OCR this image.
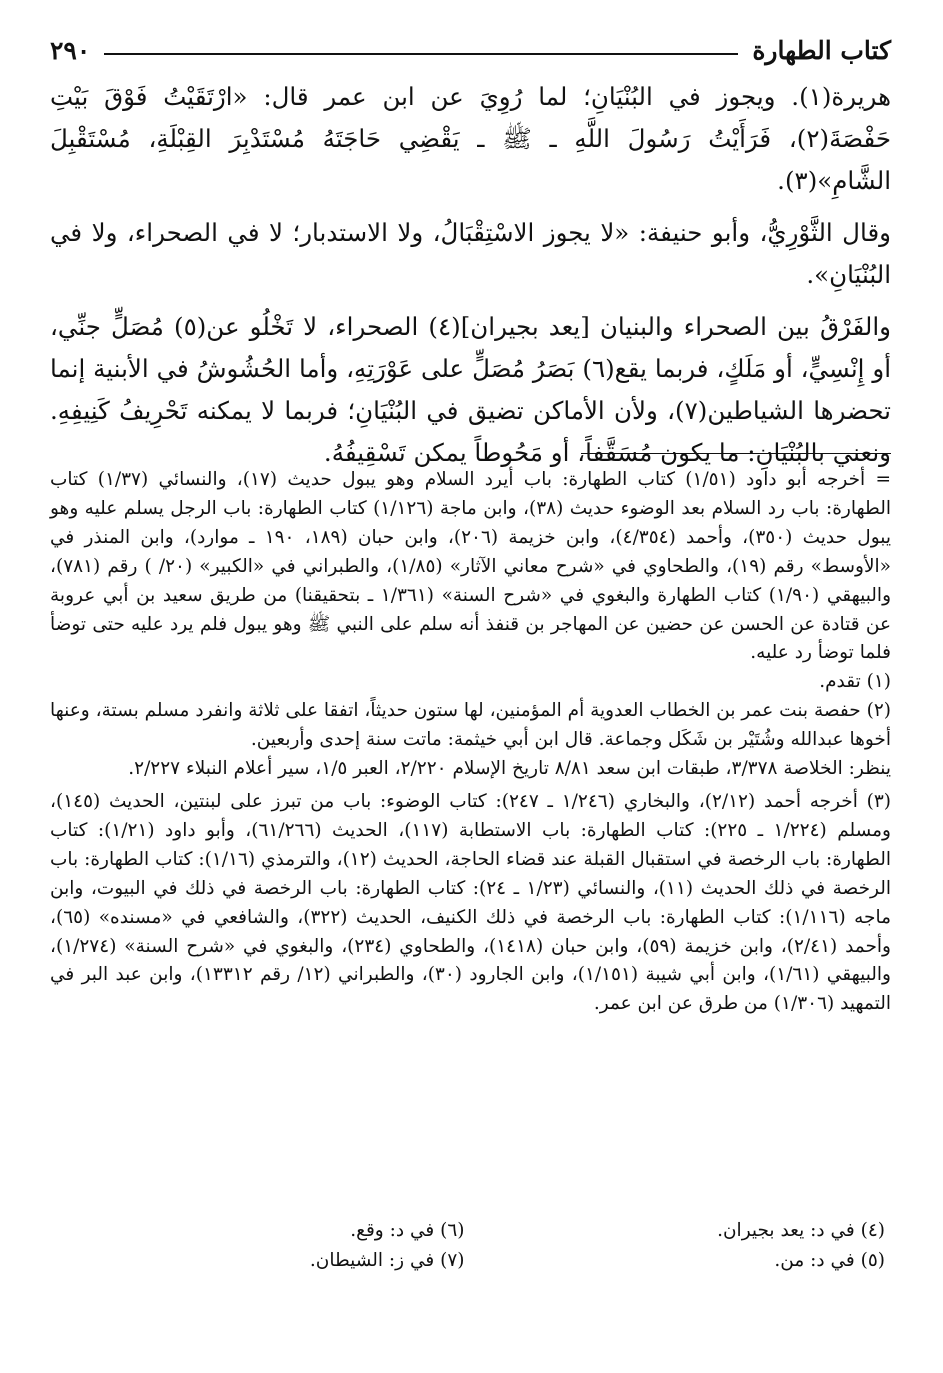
كتاب الطهارة
٢٩٠

هريرة(١). ويجوز في البُنْيَانِ؛ لما رُوِيَ عن ابن عمر قال: «ارْتَقَيْتُ فَوْقَ بَيْتِ حَفْصَةَ(٢)، فَرَأَيْتُ رَسُولَ اللَّهِ ـ ﷺ ـ يَقْضِي حَاجَتَهُ مُسْتَدْبِرَ القِبْلَةِ، مُسْتَقْبِلَ الشَّامِ»(٣).

وقال الثَّوْرِيُّ، وأبو حنيفة: «لا يجوز الاسْتِقْبَالُ، ولا الاستدبار؛ لا في الصحراء، ولا في البُنْيَانِ».

والفَرْقُ بين الصحراء والبنيان [يعد بجيران](٤) الصحراء، لا تَخْلُو عن(٥) مُصَلٍّ جنِّي، أو إِنْسِيٍّ، أو مَلَكٍ، فربما يقع(٦) بَصَرُ مُصَلٍّ على عَوْرَتِهِ، وأما الحُشُوشُ في الأبنية إنما تحضرها الشياطين(٧)، ولأن الأماكن تضيق في البُنْيَانِ؛ فربما لا يمكنه تَحْرِيفُ كَنِيفِهِ. ونعني بالبُنْيَانِ: ما يكون مُسَقَّفاً، أو مَحُوطاً يمكن تَسْقِيفُهُ.

= أخرجه أبو داود (١/٥١) كتاب الطهارة: باب أيرد السلام وهو يبول حديث (١٧)، والنسائي (١/٣٧) كتاب الطهارة: باب رد السلام بعد الوضوء حديث (٣٨)، وابن ماجة (١/١٢٦) كتاب الطهارة: باب الرجل يسلم عليه وهو يبول حديث (٣٥٠)، وأحمد (٤/٣٥٤)، وابن خزيمة (٢٠٦)، وابن حبان (١٨٩، ١٩٠ ـ موارد)، وابن المنذر في «الأوسط» رقم (١٩)، والطحاوي في «شرح معاني الآثار» (١/٨٥)، والطبراني في «الكبير» (٢٠/ ) رقم (٧٨١)، والبيهقي (١/٩٠) كتاب الطهارة والبغوي في «شرح السنة» (١/٣٦١ ـ بتحقيقنا) من طريق سعيد بن أبي عروبة عن قتادة عن الحسن عن حضين عن المهاجر بن قنفذ أنه سلم على النبي ﷺ وهو يبول فلم يرد عليه حتى توضأ فلما توضأ رد عليه.

(١) تقدم.

(٢) حفصة بنت عمر بن الخطاب العدوية أم المؤمنين، لها ستون حديثاً، اتفقا على ثلاثة وانفرد مسلم بستة، وعنها أخوها عبدالله وشُتَيْر بن شَكَل وجماعة. قال ابن أبي خيثمة: ماتت سنة إحدى وأربعين.

ينظر: الخلاصة ٣/٣٧٨، طبقات ابن سعد ٨/٨١ تاريخ الإسلام ٢/٢٢٠، العبر ١/٥، سير أعلام النبلاء ٢/٢٢٧.

(٣) أخرجه أحمد (٢/١٢)، والبخاري (١/٢٤٦ ـ ٢٤٧): كتاب الوضوء: باب من تبرز على لبنتين، الحديث (١٤٥)، ومسلم (١/٢٢٤ ـ ٢٢٥): كتاب الطهارة: باب الاستطابة (١١٧)، الحديث (٦١/٢٦٦)، وأبو داود (١/٢١): كتاب الطهارة: باب الرخصة في استقبال القبلة عند قضاء الحاجة، الحديث (١٢)، والترمذي (١/١٦): كتاب الطهارة: باب الرخصة في ذلك الحديث (١١)، والنسائي (١/٢٣ ـ ٢٤): كتاب الطهارة: باب الرخصة في ذلك في البيوت، وابن ماجه (١/١١٦): كتاب الطهارة: باب الرخصة في ذلك الكنيف، الحديث (٣٢٢)، والشافعي في «مسنده» (٦٥)، وأحمد (٢/٤١)، وابن خزيمة (٥٩)، وابن حبان (١٤١٨)، والطحاوي (٢٣٤)، والبغوي في «شرح السنة» (١/٢٧٤)، والبيهقي (١/٦١)، وابن أبي شيبة (١/١٥١)، وابن الجارود (٣٠)، والطبراني (١٢/ رقم ١٣٣١٢)، وابن عبد البر في التمهيد (١/٣٠٦) من طرق عن ابن عمر.

(٤) في د: يعد بجيران.
(٦) في د: وقع.
(٥) في د: من.
(٧) في ز: الشيطان.
